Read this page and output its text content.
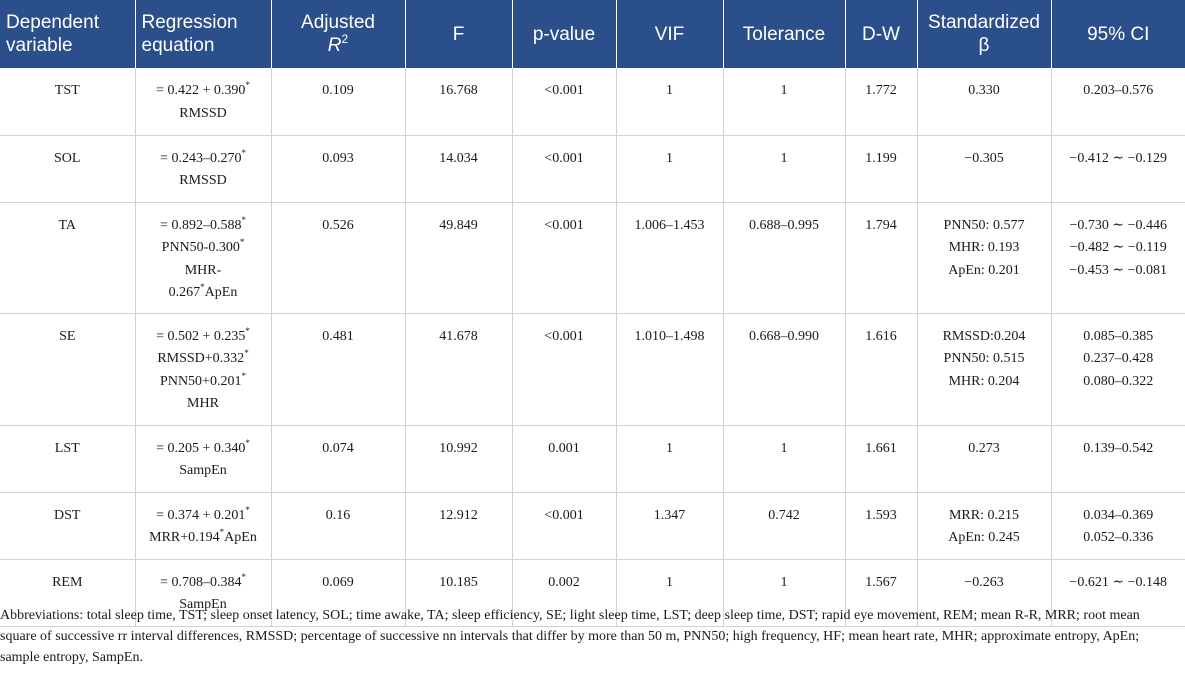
Dependent
variable	Regression
equation	Adjusted
$R^2$	F	p-value	VIF	Tolerance	D-W	Standardized
β	95% CI
TST	= 0.422 + 0.390*
RMSSD	0.109	16.768	<0.001	1	1	1.772	0.330	0.203–0.576

SOL	= 0.243–0.270*
RMSSD	0.093	14.034	<0.001	1	1	1.199	−0.305	−0.412 ∼ −0.129

TA	= 0.892–0.588*
PNN50-0.300*
MHR-
0.267*ApEn	0.526	49.849	<0.001	1.006–1.453	0.688–0.995	1.794	PNN50: 0.577
MHR: 0.193
ApEn: 0.201	−0.730 ∼ −0.446
−0.482 ∼ −0.119
−0.453 ∼ −0.081

SE	= 0.502 + 0.235*
RMSSD+0.332*
PNN50+0.201*
MHR	0.481	41.678	<0.001	1.010–1.498	0.668–0.990	1.616	RMSSD:0.204
PNN50: 0.515
MHR: 0.204	0.085–0.385
0.237–0.428
0.080–0.322

LST	= 0.205 + 0.340*
SampEn	0.074	10.992	0.001	1	1	1.661	0.273	0.139–0.542

DST	= 0.374 + 0.201*
MRR+0.194*ApEn	0.16	12.912	<0.001	1.347	0.742	1.593	MRR: 0.215
ApEn: 0.245	0.034–0.369
0.052–0.336

REM	= 0.708–0.384*
SampEn	0.069	10.185	0.002	1	1	1.567	−0.263	−0.621 ∼ −0.148
Abbreviations: total sleep time, TST; sleep onset latency, SOL; time awake, TA; sleep efficiency, SE; light sleep time, LST; deep sleep time, DST; rapid eye movement, REM; mean R-R, MRR; root mean square of successive rr interval differences, RMSSD; percentage of successive nn intervals that differ by more than 50 m, PNN50; high frequency, HF; mean heart rate, MHR; approximate entropy, ApEn; sample entropy, SampEn.
